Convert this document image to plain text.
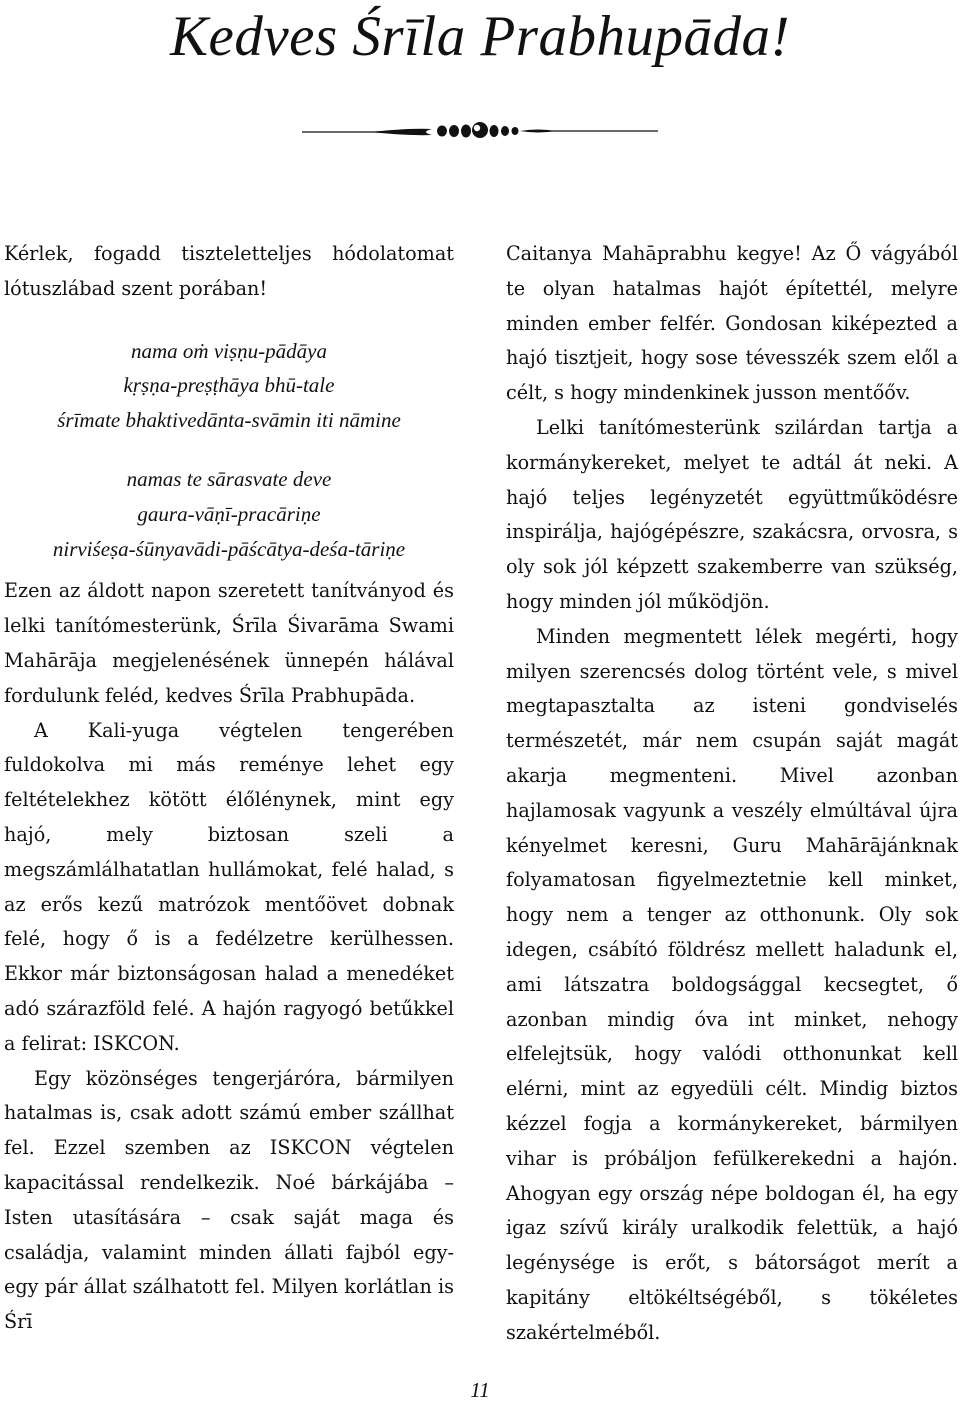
Kedves Śrīla Prabhupāda!

Kérlek, fogadd tiszteletteljes hódolatomat lótuszlábad szent porában!

nama oṁ viṣṇu-pādāya
kṛṣṇa-preṣṭhāya bhū-tale
śrīmate bhaktivedānta-svāmin iti nāmine
namas te sārasvate deve
gaura-vāṇī-pracāriṇe
nirviśeṣa-śūnyavādi-pāścātya-deśa-tāriṇe

Ezen az áldott napon szeretett tanítványod és lelki tanítómesterünk, Śrīla Śivarāma Swami Mahārāja megjelenésének ünnepén hálával fordulunk feléd, kedves Śrīla Prabhupāda.

A Kali-yuga végtelen tengerében fuldokolva mi más reménye lehet egy feltételekhez kötött élőlénynek, mint egy hajó, mely biztosan szeli a megszámlálhatatlan hullámokat, felé halad, s az erős kezű matrózok mentőövet dobnak felé, hogy ő is a fedélzetre kerülhessen. Ekkor már biztonságosan halad a menedéket adó szárazföld felé. A hajón ragyogó betűkkel a felirat: ISKCON.

Egy közönséges tengerjáróra, bármilyen hatalmas is, csak adott számú ember szállhat fel. Ezzel szemben az ISKCON végtelen kapacitással rendelkezik. Noé bárkájába – Isten utasítására – csak saját maga és családja, valamint minden állati fajból egy-egy pár állat szálhatott fel. Milyen korlátlan is Śrī

Caitanya Mahāprabhu kegye! Az Ő vágyából te olyan hatalmas hajót építettél, melyre minden ember felfér. Gondosan kiképezted a hajó tisztjeit, hogy sose tévesszék szem elől a célt, s hogy mindenkinek jusson mentőőv.

Lelki tanítómesterünk szilárdan tartja a kormánykereket, melyet te adtál át neki. A hajó teljes legényzetét együttműködésre inspirálja, hajógépészre, szakácsra, orvosra, s oly sok jól képzett szakemberre van szükség, hogy minden jól működjön.

Minden megmentett lélek megérti, hogy milyen szerencsés dolog történt vele, s mivel megtapasztalta az isteni gondviselés természetét, már nem csupán saját magát akarja megmenteni. Mivel azonban hajlamosak vagyunk a veszély elmúltával újra kényelmet keresni, Guru Mahārājánknak folyamatosan figyelmeztetnie kell minket, hogy nem a tenger az otthonunk. Oly sok idegen, csábító földrész mellett haladunk el, ami látszatra boldogsággal kecsegtet, ő azonban mindig óva int minket, nehogy elfelejtsük, hogy valódi otthonunkat kell elérni, mint az egyedüli célt. Mindig biztos kézzel fogja a kormánykereket, bármilyen vihar is próbáljon fefülkerekedni a hajón. Ahogyan egy ország népe boldogan él, ha egy igaz szívű király uralkodik felettük, a hajó legénysége is erőt, s bátorságot merít a kapitány eltökéltségéből, s tökéletes szakértelméből.

11
